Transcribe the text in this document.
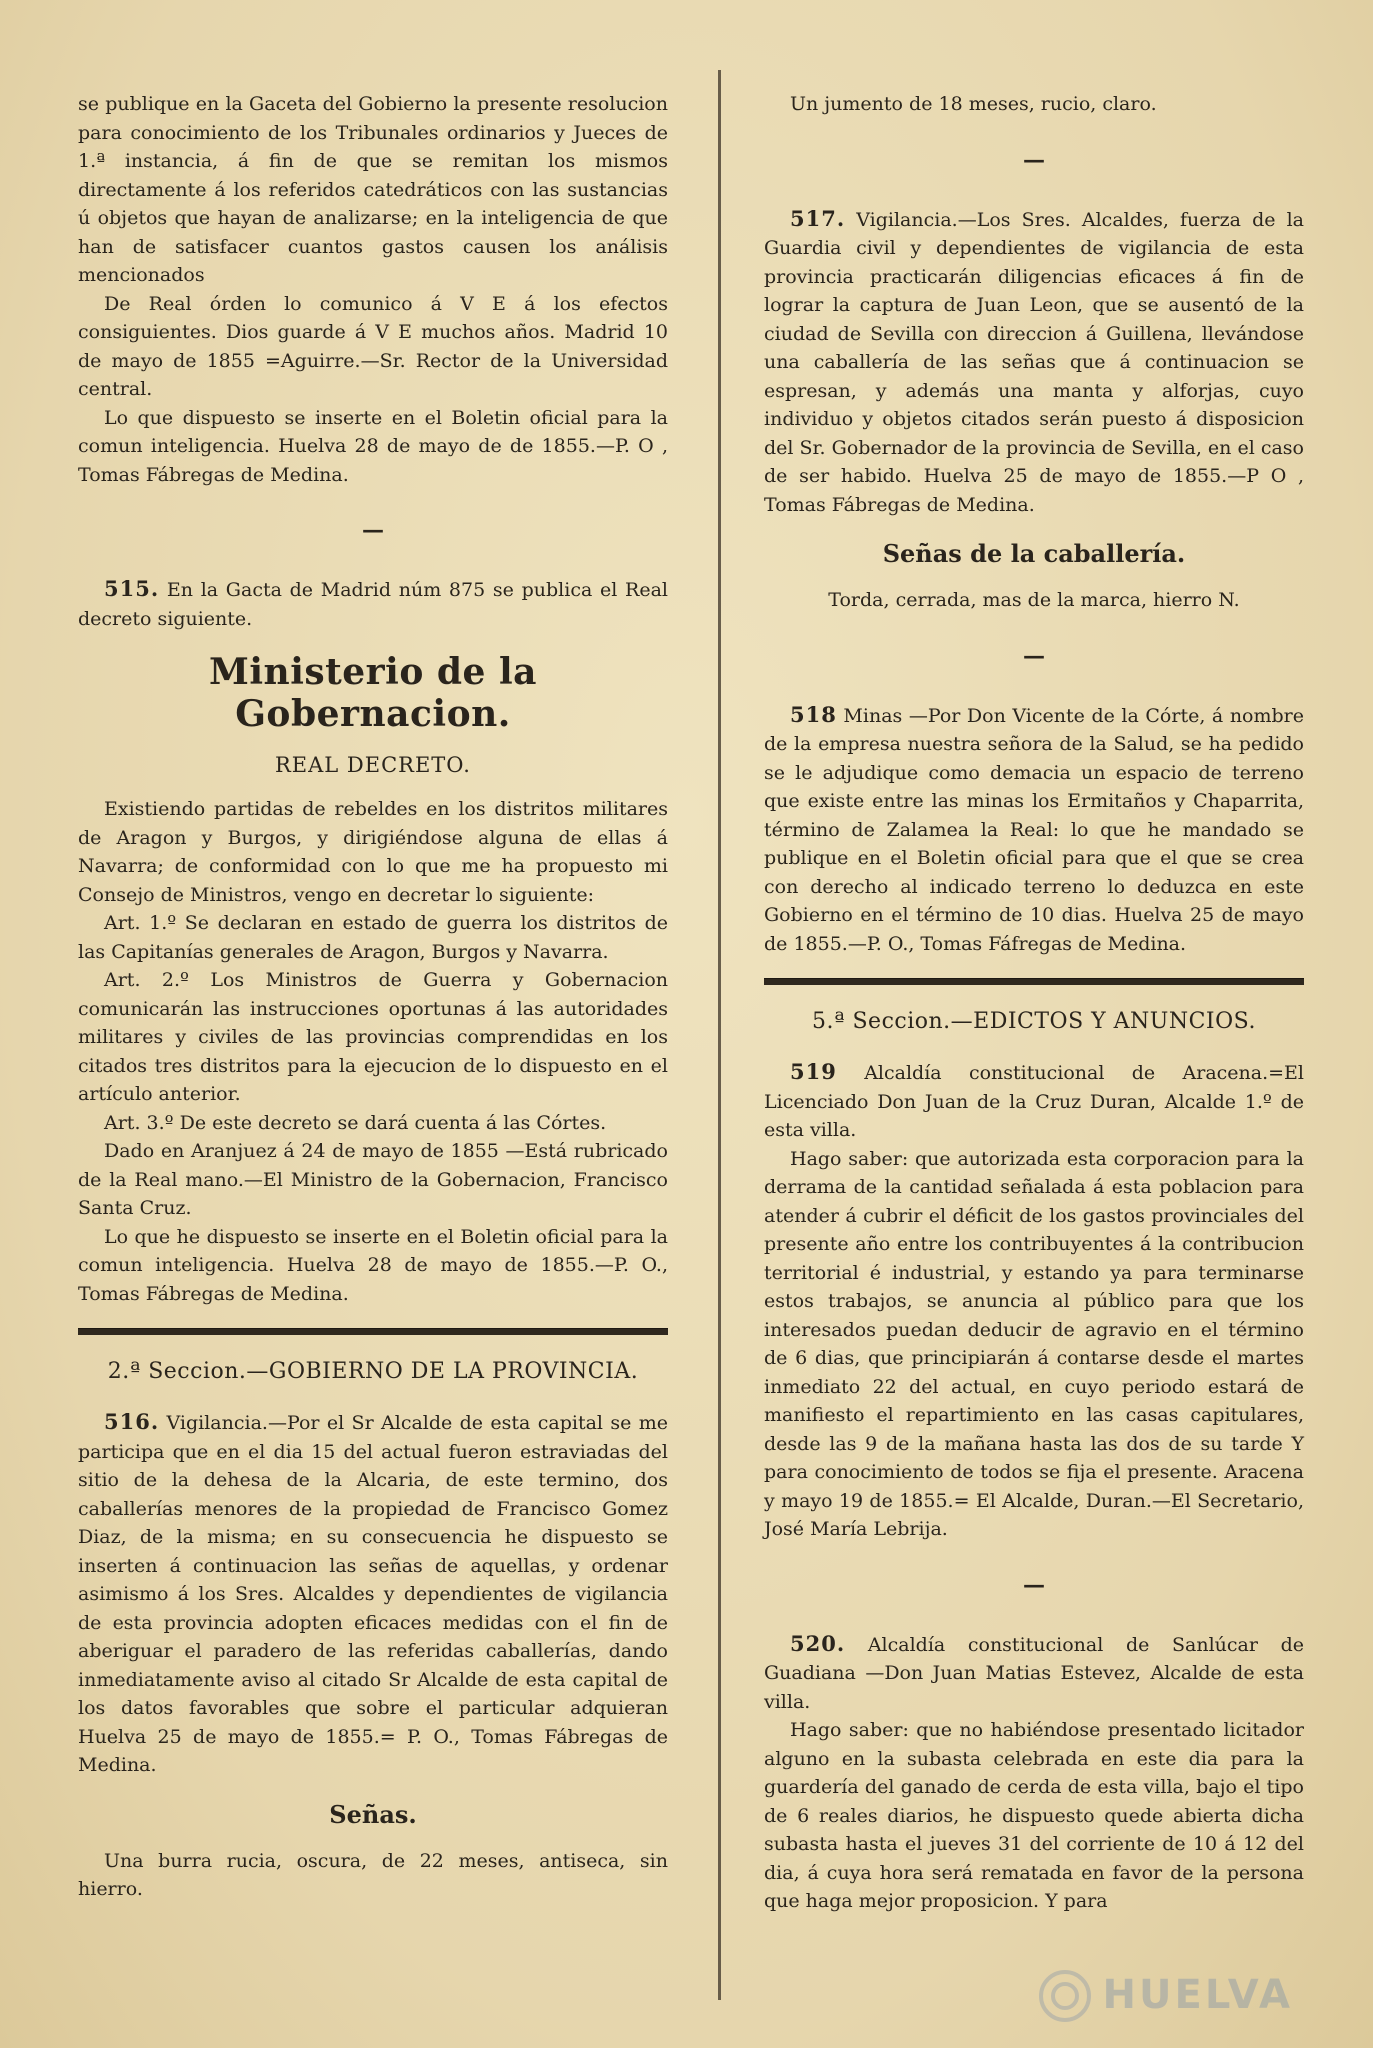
se publique en la Gaceta del Gobierno la presente resolucion para conocimiento de los Tribunales ordinarios y Jueces de 1.ª instancia, á fin de que se remitan los mismos directamente á los referidos catedráticos con las sustancias ú objetos que hayan de analizarse; en la inteligencia de que han de satisfacer cuantos gastos causen los análisis mencionados

De Real órden lo comunico á V E á los efectos consiguientes. Dios guarde á V E muchos años. Madrid 10 de mayo de 1855 =Aguirre.—Sr. Rector de la Universidad central.

Lo que dispuesto se inserte en el Boletin oficial para la comun inteligencia. Huelva 28 de mayo de de 1855.—P. O , Tomas Fábregas de Medina.

—

515. En la Gacta de Madrid núm 875 se publica el Real decreto siguiente.

Ministerio de la Gobernacion.
REAL DECRETO.

Existiendo partidas de rebeldes en los distritos militares de Aragon y Burgos, y dirigiéndose alguna de ellas á Navarra; de conformidad con lo que me ha propuesto mi Consejo de Ministros, vengo en decretar lo siguiente:

Art. 1.º Se declaran en estado de guerra los distritos de las Capitanías generales de Aragon, Burgos y Navarra.

Art. 2.º Los Ministros de Guerra y Gobernacion comunicarán las instrucciones oportunas á las autoridades militares y civiles de las provincias comprendidas en los citados tres distritos para la ejecucion de lo dispuesto en el artículo anterior.

Art. 3.º De este decreto se dará cuenta á las Córtes.

Dado en Aranjuez á 24 de mayo de 1855 —Está rubricado de la Real mano.—El Ministro de la Gobernacion, Francisco Santa Cruz.

Lo que he dispuesto se inserte en el Boletin oficial para la comun inteligencia. Huelva 28 de mayo de 1855.—P. O., Tomas Fábregas de Medina.

2.ª Seccion.—GOBIERNO DE LA PROVINCIA.

516. Vigilancia.—Por el Sr Alcalde de esta capital se me participa que en el dia 15 del actual fueron estraviadas del sitio de la dehesa de la Alcaria, de este termino, dos caballerías menores de la propiedad de Francisco Gomez Diaz, de la misma; en su consecuencia he dispuesto se inserten á continuacion las señas de aquellas, y ordenar asimismo á los Sres. Alcaldes y dependientes de vigilancia de esta provincia adopten eficaces medidas con el fin de aberiguar el paradero de las referidas caballerías, dando inmediatamente aviso al citado Sr Alcalde de esta capital de los datos favorables que sobre el particular adquieran Huelva 25 de mayo de 1855.= P. O., Tomas Fábregas de Medina.

Señas.

Una burra rucia, oscura, de 22 meses, antiseca, sin hierro.

Un jumento de 18 meses, rucio, claro.

—

517. Vigilancia.—Los Sres. Alcaldes, fuerza de la Guardia civil y dependientes de vigilancia de esta provincia practicarán diligencias eficaces á fin de lograr la captura de Juan Leon, que se ausentó de la ciudad de Sevilla con direccion á Guillena, llevándose una caballería de las señas que á continuacion se espresan, y además una manta y alforjas, cuyo individuo y objetos citados serán puesto á disposicion del Sr. Gobernador de la provincia de Sevilla, en el caso de ser habido. Huelva 25 de mayo de 1855.—P O , Tomas Fábregas de Medina.

Señas de la caballería.

Torda, cerrada, mas de la marca, hierro N.

—

518 Minas —Por Don Vicente de la Córte, á nombre de la empresa nuestra señora de la Salud, se ha pedido se le adjudique como demacia un espacio de terreno que existe entre las minas los Ermitaños y Chaparrita, término de Zalamea la Real: lo que he mandado se publique en el Boletin oficial para que el que se crea con derecho al indicado terreno lo deduzca en este Gobierno en el término de 10 dias. Huelva 25 de mayo de 1855.—P. O., Tomas Fáfregas de Medina.

5.ª Seccion.—EDICTOS Y ANUNCIOS.

519 Alcaldía constitucional de Aracena.=El Licenciado Don Juan de la Cruz Duran, Alcalde 1.º de esta villa.

Hago saber: que autorizada esta corporacion para la derrama de la cantidad señalada á esta poblacion para atender á cubrir el déficit de los gastos provinciales del presente año entre los contribuyentes á la contribucion territorial é industrial, y estando ya para terminarse estos trabajos, se anuncia al público para que los interesados puedan deducir de agravio en el término de 6 dias, que principiarán á contarse desde el martes inmediato 22 del actual, en cuyo periodo estará de manifiesto el repartimiento en las casas capitulares, desde las 9 de la mañana hasta las dos de su tarde Y para conocimiento de todos se fija el presente. Aracena y mayo 19 de 1855.= El Alcalde, Duran.—El Secretario, José María Lebrija.

—

520. Alcaldía constitucional de Sanlúcar de Guadiana —Don Juan Matias Estevez, Alcalde de esta villa.

Hago saber: que no habiéndose presentado licitador alguno en la subasta celebrada en este dia para la guardería del ganado de cerda de esta villa, bajo el tipo de 6 reales diarios, he dispuesto quede abierta dicha subasta hasta el jueves 31 del corriente de 10 á 12 del dia, á cuya hora será rematada en favor de la persona que haga mejor proposicion. Y para

HUELVA
